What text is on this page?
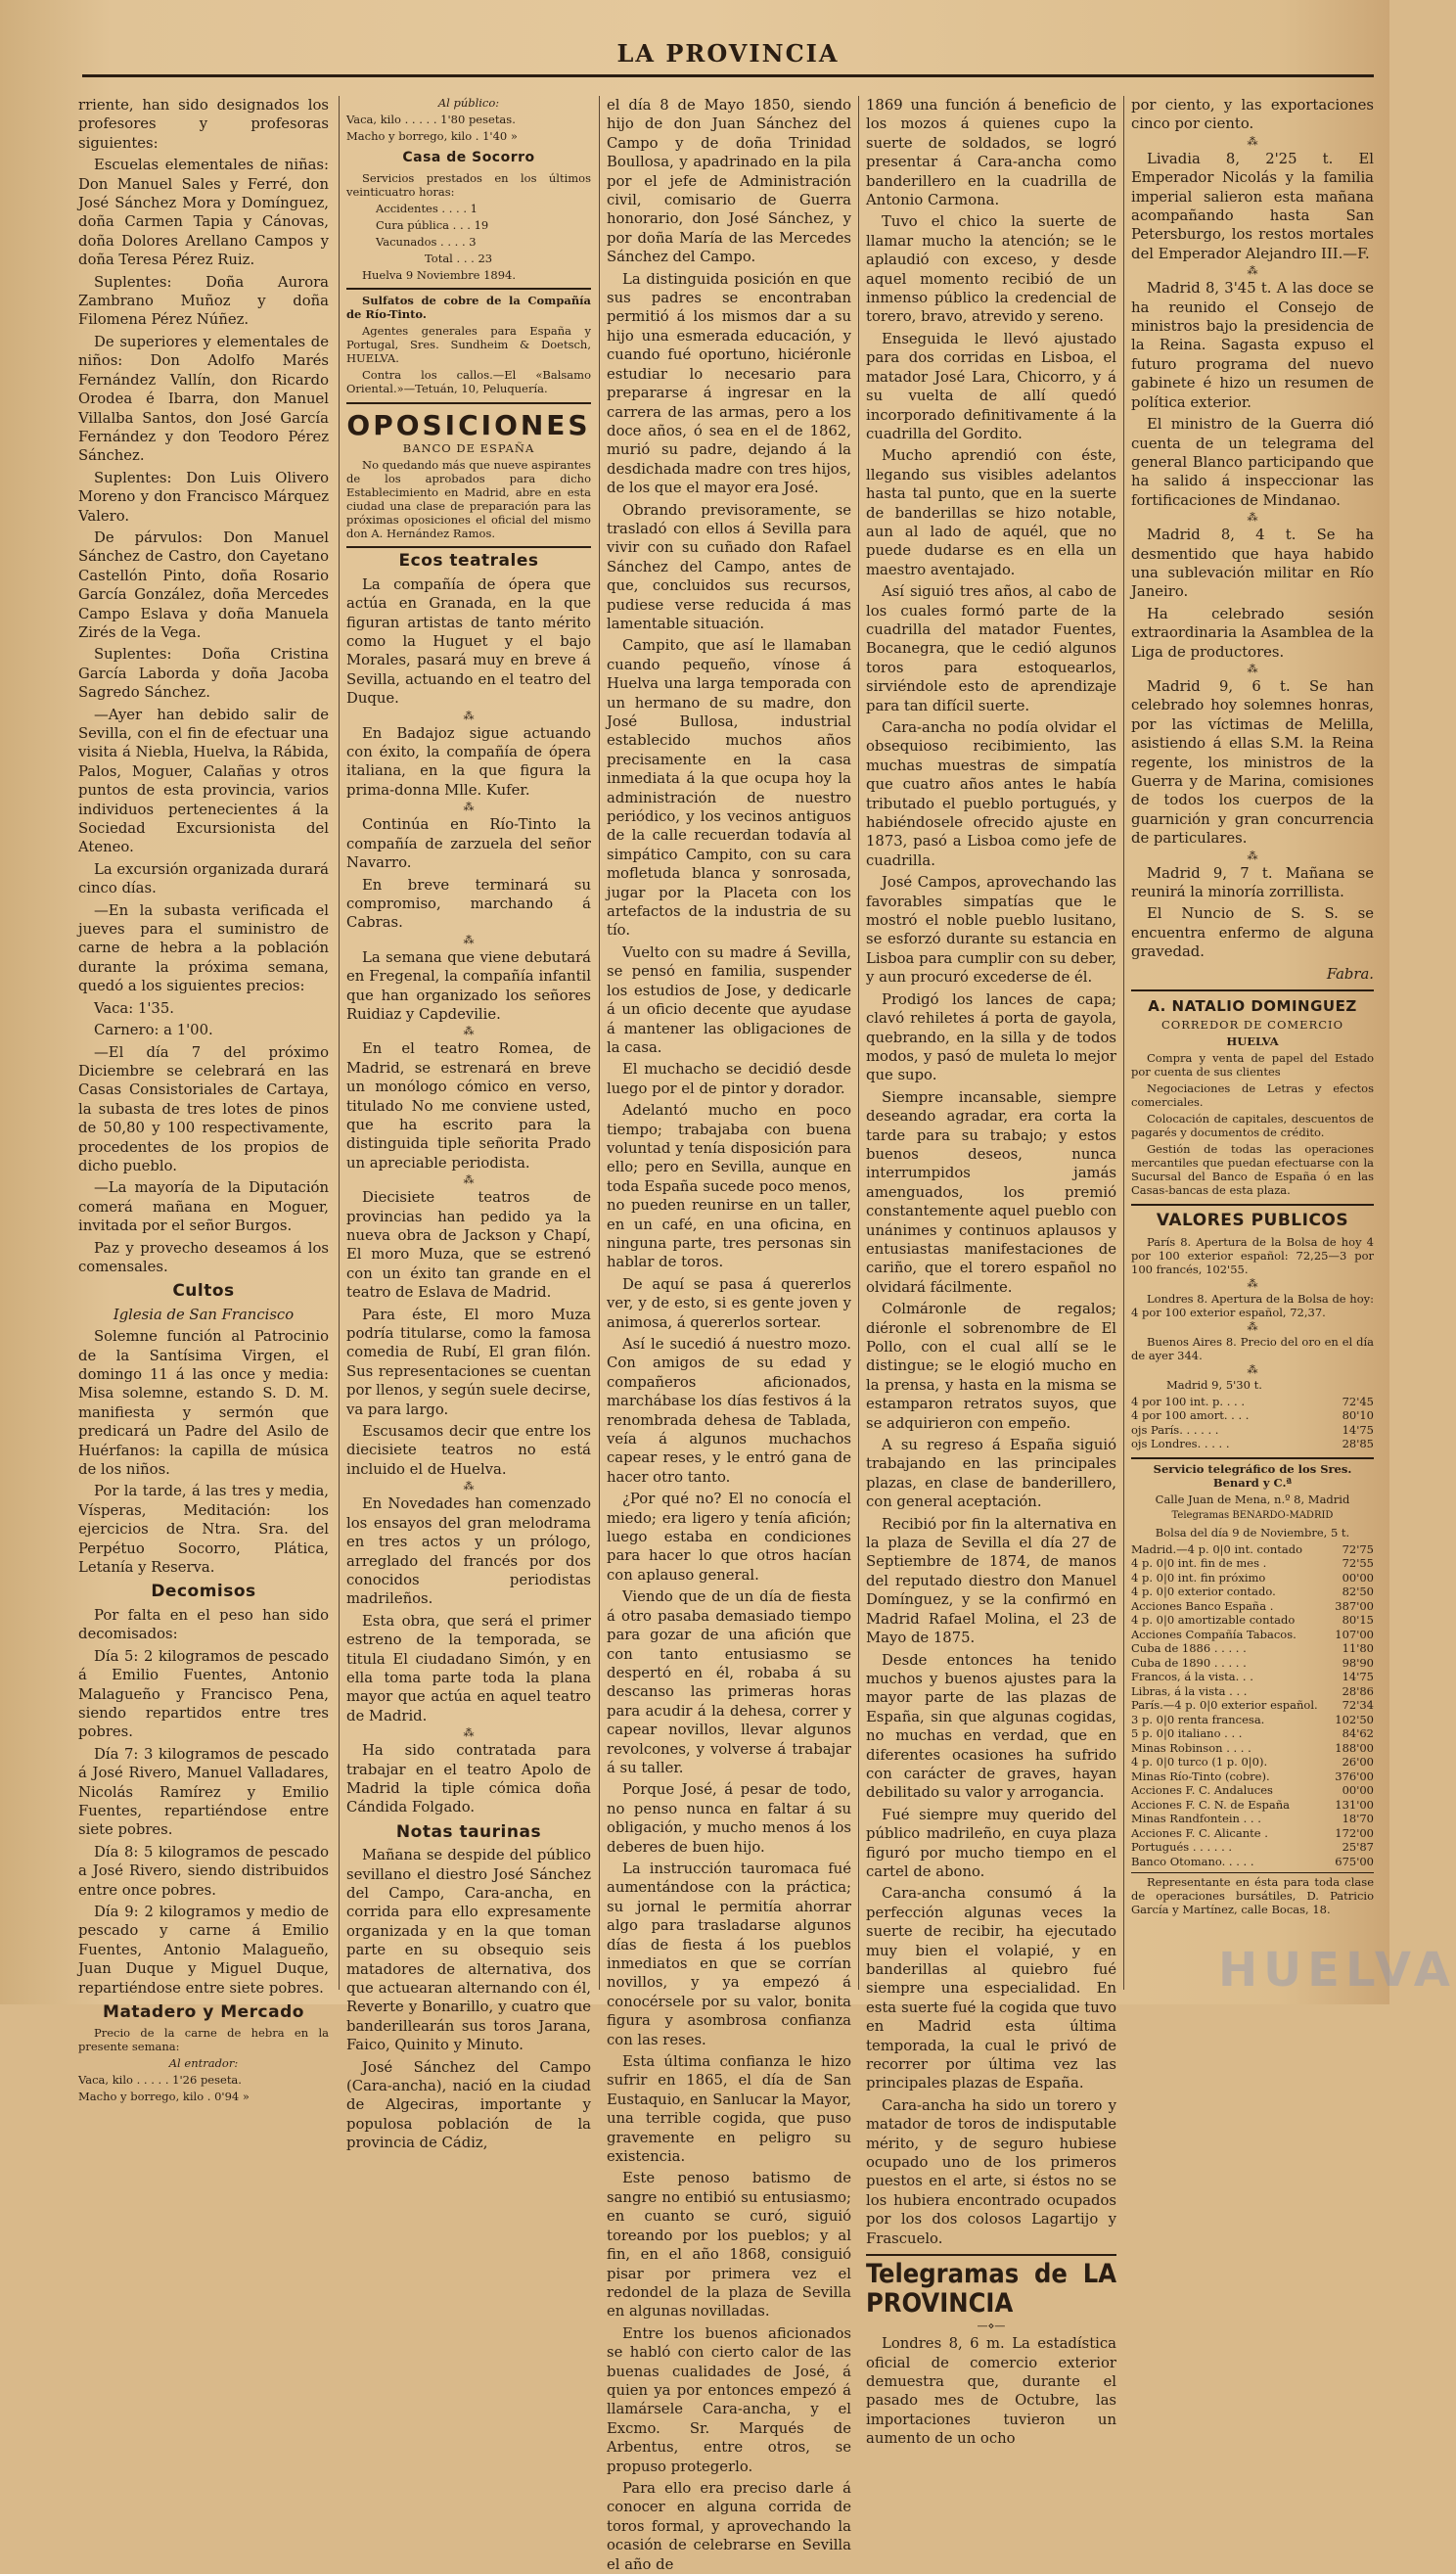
LA PROVINCIA

rriente, han sido designados los profesores y profesoras siguientes:

Escuelas elementales de niñas: Don Manuel Sales y Ferré, don José Sánchez Mora y Domínguez, doña Carmen Tapia y Cánovas, doña Dolores Arellano Campos y doña Teresa Pérez Ruiz.

Suplentes: Doña Aurora Zambrano Muñoz y doña Filomena Pérez Núñez.

De superiores y elementales de niños: Don Adolfo Marés Fernández Vallín, don Ricardo Orodea é Ibarra, don Manuel Villalba Santos, don José García Fernández y don Teodoro Pérez Sánchez.

Suplentes: Don Luis Olivero Moreno y don Francisco Márquez Valero.

De párvulos: Don Manuel Sánchez de Castro, don Cayetano Castellón Pinto, doña Rosario García González, doña Mercedes Campo Eslava y doña Manuela Zirés de la Vega.

Suplentes: Doña Cristina García Laborda y doña Jacoba Sagredo Sánchez.

—Ayer han debido salir de Sevilla, con el fin de efectuar una visita á Niebla, Huelva, la Rábida, Palos, Moguer, Calañas y otros puntos de esta provincia, varios individuos pertenecientes á la Sociedad Excursionista del Ateneo.

La excursión organizada durará cinco días.

—En la subasta verificada el jueves para el suministro de carne de hebra a la población durante la próxima semana, quedó a los siguientes precios:

Vaca: 1'35.

Carnero: a 1'00.

—El día 7 del próximo Diciembre se celebrará en las Casas Consistoriales de Cartaya, la subasta de tres lotes de pinos de 50,80 y 100 respectivamente, procedentes de los propios de dicho pueblo.

—La mayoría de la Diputación comerá mañana en Moguer, invitada por el señor Burgos.

Paz y provecho deseamos á los comensales.

Cultos

Iglesia de San Francisco

Solemne función al Patrocinio de la Santísima Virgen, el domingo 11 á las once y media: Misa solemne, estando S. D. M. manifiesta y sermón que predicará un Padre del Asilo de Huérfanos: la capilla de música de los niños.

Por la tarde, á las tres y media, Vísperas, Meditación: los ejercicios de Ntra. Sra. del Perpétuo Socorro, Plática, Letanía y Reserva.

Decomisos

Por falta en el peso han sido decomisados:

Día 5: 2 kilogramos de pescado á Emilio Fuentes, Antonio Malagueño y Francisco Pena, siendo repartidos entre tres pobres.

Día 7: 3 kilogramos de pescado á José Rivero, Manuel Valladares, Nicolás Ramírez y Emilio Fuentes, repartiéndose entre siete pobres.

Día 8: 5 kilogramos de pescado a José Rivero, siendo distribuidos entre once pobres.

Día 9: 2 kilogramos y medio de pescado y carne á Emilio Fuentes, Antonio Malagueño, Juan Duque y Miguel Duque, repartiéndose entre siete pobres.

Matadero y Mercado

Precio de la carne de hebra en la presente semana:

Al entrador:

Vaca, kilo . . . . . 1'26 peseta.

Macho y borrego, kilo . 0'94 »

Al público:

Vaca, kilo . . . . . 1'80 pesetas.

Macho y borrego, kilo . 1'40 »

Casa de Socorro

Servicios prestados en los últimos veinticuatro horas:

Accidentes . . . . 1

Cura pública . . . 19

Vacunados . . . . 3

Total . . . 23

Huelva 9 Noviembre 1894.

Sulfatos de cobre de la Compañía de Río-Tinto.

Agentes generales para España y Portugal, Sres. Sundheim & Doetsch, HUELVA.

Contra los callos.—El «Balsamo Oriental.»—Tetuán, 10, Peluquería.

OPOSICIONES

BANCO DE ESPAÑA

No quedando más que nueve aspirantes de los aprobados para dicho Establecimiento en Madrid, abre en esta ciudad una clase de preparación para las próximas oposiciones el oficial del mismo don A. Hernández Ramos.

Ecos teatrales

La compañía de ópera que actúa en Granada, en la que figuran artistas de tanto mérito como la Huguet y el bajo Morales, pasará muy en breve á Sevilla, actuando en el teatro del Duque.

⁂

En Badajoz sigue actuando con éxito, la compañía de ópera italiana, en la que figura la prima-donna Mlle. Kufer.

⁂

Continúa en Río-Tinto la compañía de zarzuela del señor Navarro.

En breve terminará su compromiso, marchando á Cabras.

⁂

La semana que viene debutará en Fregenal, la compañía infantil que han organizado los señores Ruidiaz y Capdevilie.

⁂

En el teatro Romea, de Madrid, se estrenará en breve un monólogo cómico en verso, titulado No me conviene usted, que ha escrito para la distinguida tiple señorita Prado un apreciable periodista.

⁂

Diecisiete teatros de provincias han pedido ya la nueva obra de Jackson y Chapí, El moro Muza, que se estrenó con un éxito tan grande en el teatro de Eslava de Madrid.

Para éste, El moro Muza podría titularse, como la famosa comedia de Rubí, El gran filón. Sus representaciones se cuentan por llenos, y según suele decirse, va para largo.

Escusamos decir que entre los diecisiete teatros no está incluido el de Huelva.

⁂

En Novedades han comenzado los ensayos del gran melodrama en tres actos y un prólogo, arreglado del francés por dos conocidos periodistas madrileños.

Esta obra, que será el primer estreno de la temporada, se titula El ciudadano Simón, y en ella toma parte toda la plana mayor que actúa en aquel teatro de Madrid.

⁂

Ha sido contratada para trabajar en el teatro Apolo de Madrid la tiple cómica doña Cándida Folgado.

Notas taurinas

Mañana se despide del público sevillano el diestro José Sánchez del Campo, Cara-ancha, en corrida para ello expresamente organizada y en la que toman parte en su obsequio seis matadores de alternativa, dos que actuearan alternando con él, Reverte y Bonarillo, y cuatro que banderillearán sus toros Jarana, Faico, Quinito y Minuto.

José Sánchez del Campo (Cara-ancha), nació en la ciudad de Algeciras, importante y populosa población de la provincia de Cádiz,

el día 8 de Mayo 1850, siendo hijo de don Juan Sánchez del Campo y de doña Trinidad Boullosa, y apadrinado en la pila por el jefe de Administración civil, comisario de Guerra honorario, don José Sánchez, y por doña María de las Mercedes Sánchez del Campo.

La distinguida posición en que sus padres se encontraban permitió á los mismos dar a su hijo una esmerada educación, y cuando fué oportuno, hiciéronle estudiar lo necesario para prepararse á ingresar en la carrera de las armas, pero a los doce años, ó sea en el de 1862, murió su padre, dejando á la desdichada madre con tres hijos, de los que el mayor era José.

Obrando previsoramente, se trasladó con ellos á Sevilla para vivir con su cuñado don Rafael Sánchez del Campo, antes de que, concluidos sus recursos, pudiese verse reducida á mas lamentable situación.

Campito, que así le llamaban cuando pequeño, vínose á Huelva una larga temporada con un hermano de su madre, don José Bullosa, industrial establecido muchos años precisamente en la casa inmediata á la que ocupa hoy la administración de nuestro periódico, y los vecinos antiguos de la calle recuerdan todavía al simpático Campito, con su cara mofletuda blanca y sonrosada, jugar por la Placeta con los artefactos de la industria de su tío.

Vuelto con su madre á Sevilla, se pensó en familia, suspender los estudios de Jose, y dedicarle á un oficio decente que ayudase á mantener las obligaciones de la casa.

El muchacho se decidió desde luego por el de pintor y dorador.

Adelantó mucho en poco tiempo; trabajaba con buena voluntad y tenía disposición para ello; pero en Sevilla, aunque en toda España sucede poco menos, no pueden reunirse en un taller, en un café, en una oficina, en ninguna parte, tres personas sin hablar de toros.

De aquí se pasa á quererlos ver, y de esto, si es gente joven y animosa, á quererlos sortear.

Así le sucedió á nuestro mozo. Con amigos de su edad y compañeros aficionados, marchábase los días festivos á la renombrada dehesa de Tablada, veía á algunos muchachos capear reses, y le entró gana de hacer otro tanto.

¿Por qué no? El no conocía el miedo; era ligero y tenía afición; luego estaba en condiciones para hacer lo que otros hacían con aplauso general.

Viendo que de un día de fiesta á otro pasaba demasiado tiempo para gozar de una afición que con tanto entusiasmo se despertó en él, robaba á su descanso las primeras horas para acudir á la dehesa, correr y capear novillos, llevar algunos revolcones, y volverse á trabajar á su taller.

Porque José, á pesar de todo, no penso nunca en faltar á su obligación, y mucho menos á los deberes de buen hijo.

La instrucción tauromaca fué aumentándose con la práctica; su jornal le permitía ahorrar algo para trasladarse algunos días de fiesta á los pueblos inmediatos en que se corrían novillos, y ya empezó á conocérsele por su valor, bonita figura y asombrosa confianza con las reses.

Esta última confianza le hizo sufrir en 1865, el día de San Eustaquio, en Sanlucar la Mayor, una terrible cogida, que puso gravemente en peligro su existencia.

Este penoso batismo de sangre no entibió su entusiasmo; en cuanto se curó, siguió toreando por los pueblos; y al fin, en el año 1868, consiguió pisar por primera vez el redondel de la plaza de Sevilla en algunas novilladas.

Entre los buenos aficionados se habló con cierto calor de las buenas cualidades de José, á quien ya por entonces empezó á llamársele Cara-ancha, y el Excmo. Sr. Marqués de Arbentus, entre otros, se propuso protegerlo.

Para ello era preciso darle á conocer en alguna corrida de toros formal, y aprovechando la ocasión de celebrarse en Sevilla el año de

1869 una función á beneficio de los mozos á quienes cupo la suerte de soldados, se logró presentar á Cara-ancha como banderillero en la cuadrilla de Antonio Carmona.

Tuvo el chico la suerte de llamar mucho la atención; se le aplaudió con exceso, y desde aquel momento recibió de un inmenso público la credencial de torero, bravo, atrevido y sereno.

Enseguida le llevó ajustado para dos corridas en Lisboa, el matador José Lara, Chicorro, y á su vuelta de allí quedó incorporado definitivamente á la cuadrilla del Gordito.

Mucho aprendió con éste, llegando sus visibles adelantos hasta tal punto, que en la suerte de banderillas se hizo notable, aun al lado de aquél, que no puede dudarse es en ella un maestro aventajado.

Así siguió tres años, al cabo de los cuales formó parte de la cuadrilla del matador Fuentes, Bocanegra, que le cedió algunos toros para estoquearlos, sirviéndole esto de aprendizaje para tan difícil suerte.

Cara-ancha no podía olvidar el obsequioso recibimiento, las muchas muestras de simpatía que cuatro años antes le había tributado el pueblo portugués, y habiéndosele ofrecido ajuste en 1873, pasó a Lisboa como jefe de cuadrilla.

José Campos, aprovechando las favorables simpatías que le mostró el noble pueblo lusitano, se esforzó durante su estancia en Lisboa para cumplir con su deber, y aun procuró excederse de él.

Prodigó los lances de capa; clavó rehiletes á porta de gayola, quebrando, en la silla y de todos modos, y pasó de muleta lo mejor que supo.

Siempre incansable, siempre deseando agradar, era corta la tarde para su trabajo; y estos buenos deseos, nunca interrumpidos jamás amenguados, los premió constantemente aquel pueblo con unánimes y continuos aplausos y entusiastas manifestaciones de cariño, que el torero español no olvidará fácilmente.

Colmáronle de regalos; diéronle el sobrenombre de El Pollo, con el cual allí se le distingue; se le elogió mucho en la prensa, y hasta en la misma se estamparon retratos suyos, que se adquirieron con empeño.

A su regreso á España siguió trabajando en las principales plazas, en clase de banderillero, con general aceptación.

Recibió por fin la alternativa en la plaza de Sevilla el día 27 de Septiembre de 1874, de manos del reputado diestro don Manuel Domínguez, y se la confirmó en Madrid Rafael Molina, el 23 de Mayo de 1875.

Desde entonces ha tenido muchos y buenos ajustes para la mayor parte de las plazas de España, sin que algunas cogidas, no muchas en verdad, que en diferentes ocasiones ha sufrido con carácter de graves, hayan debilitado su valor y arrogancia.

Fué siempre muy querido del público madrileño, en cuya plaza figuró por mucho tiempo en el cartel de abono.

Cara-ancha consumó á la perfección algunas veces la suerte de recibir, ha ejecutado muy bien el volapié, y en banderillas al quiebro fué siempre una especialidad. En esta suerte fué la cogida que tuvo en Madrid esta última temporada, la cual le privó de recorrer por última vez las principales plazas de España.

Cara-ancha ha sido un torero y matador de toros de indisputable mérito, y de seguro hubiese ocupado uno de los primeros puestos en el arte, si éstos no se los hubiera encontrado ocupados por los dos colosos Lagartijo y Frascuelo.

Telegramas de LA PROVINCIA

—⋄—

Londres 8, 6 m. La estadística oficial de comercio exterior demuestra que, durante el pasado mes de Octubre, las importaciones tuvieron un aumento de un ocho

por ciento, y las exportaciones cinco por ciento.

⁂

Livadia 8, 2'25 t. El Emperador Nicolás y la familia imperial salieron esta mañana acompañando hasta San Petersburgo, los restos mortales del Emperador Alejandro III.—F.

⁂

Madrid 8, 3'45 t. A las doce se ha reunido el Consejo de ministros bajo la presidencia de la Reina. Sagasta expuso el futuro programa del nuevo gabinete é hizo un resumen de política exterior.

El ministro de la Guerra dió cuenta de un telegrama del general Blanco participando que ha salido á inspeccionar las fortificaciones de Mindanao.

⁂

Madrid 8, 4 t. Se ha desmentido que haya habido una sublevación militar en Río Janeiro.

Ha celebrado sesión extraordinaria la Asamblea de la Liga de productores.

⁂

Madrid 9, 6 t. Se han celebrado hoy solemnes honras, por las víctimas de Melilla, asistiendo á ellas S.M. la Reina regente, los ministros de la Guerra y de Marina, comisiones de todos los cuerpos de la guarnición y gran concurrencia de particulares.

⁂

Madrid 9, 7 t. Mañana se reunirá la minoría zorrillista.

El Nuncio de S. S. se encuentra enfermo de alguna gravedad.

Fabra.

A. NATALIO DOMINGUEZ

CORREDOR DE COMERCIO

HUELVA

Compra y venta de papel del Estado por cuenta de sus clientes

Negociaciones de Letras y efectos comerciales.

Colocación de capitales, descuentos de pagarés y documentos de crédito.

Gestión de todas las operaciones mercantiles que puedan efectuarse con la Sucursal del Banco de España ó en las Casas-bancas de esta plaza.

VALORES PUBLICOS

París 8. Apertura de la Bolsa de hoy 4 por 100 exterior español: 72,25—3 por 100 francés, 102'55.

⁂

Londres 8. Apertura de la Bolsa de hoy: 4 por 100 exterior español, 72,37.

⁂

Buenos Aires 8. Precio del oro en el día de ayer 344.

⁂

Madrid 9, 5'30 t.

4 por 100 int. p. . . .	72'45
4 por 100 amort. . . .	80'10
ojs París. . . . . .	14'75
ojs Londres. . . . .	28'85

Servicio telegráfico de los Sres. Benard y C.ª

Calle Juan de Mena, n.º 8, Madrid

Telegramas BENARDO-MADRID

Bolsa del día 9 de Noviembre, 5 t.

Madrid.—4 p. 0|0 int. contado	72'75
4 p. 0|0 int. fin de mes .	72'55
4 p. 0|0 int. fin próximo	00'00
4 p. 0|0 exterior contado.	82'50
Acciones Banco España .	387'00
4 p. 0|0 amortizable contado	80'15
Acciones Compañía Tabacos.	107'00
Cuba de 1886 . . . . .	11'80
Cuba de 1890 . . . . .	98'90
Francos, á la vista. . .	14'75
Libras, á la vista . . .	28'86
París.—4 p. 0|0 exterior español.	72'34
3 p. 0|0 renta francesa.	102'50
5 p. 0|0 italiano . . .	84'62
Minas Robinson . . . .	188'00
4 p. 0|0 turco (1 p. 0|0).	26'00
Minas Río-Tinto (cobre).	376'00
Acciones F. C. Andaluces	00'00
Acciones F. C. N. de España	131'00
Minas Randfontein . . .	18'70
Acciones F. C. Alicante .	172'00
Portugués . . . . . .	25'87
Banco Otomano. . . . .	675'00

Representante en ésta para toda clase de operaciones bursátiles, D. Patricio García y Martínez, calle Bocas, 18.

HUELVA
